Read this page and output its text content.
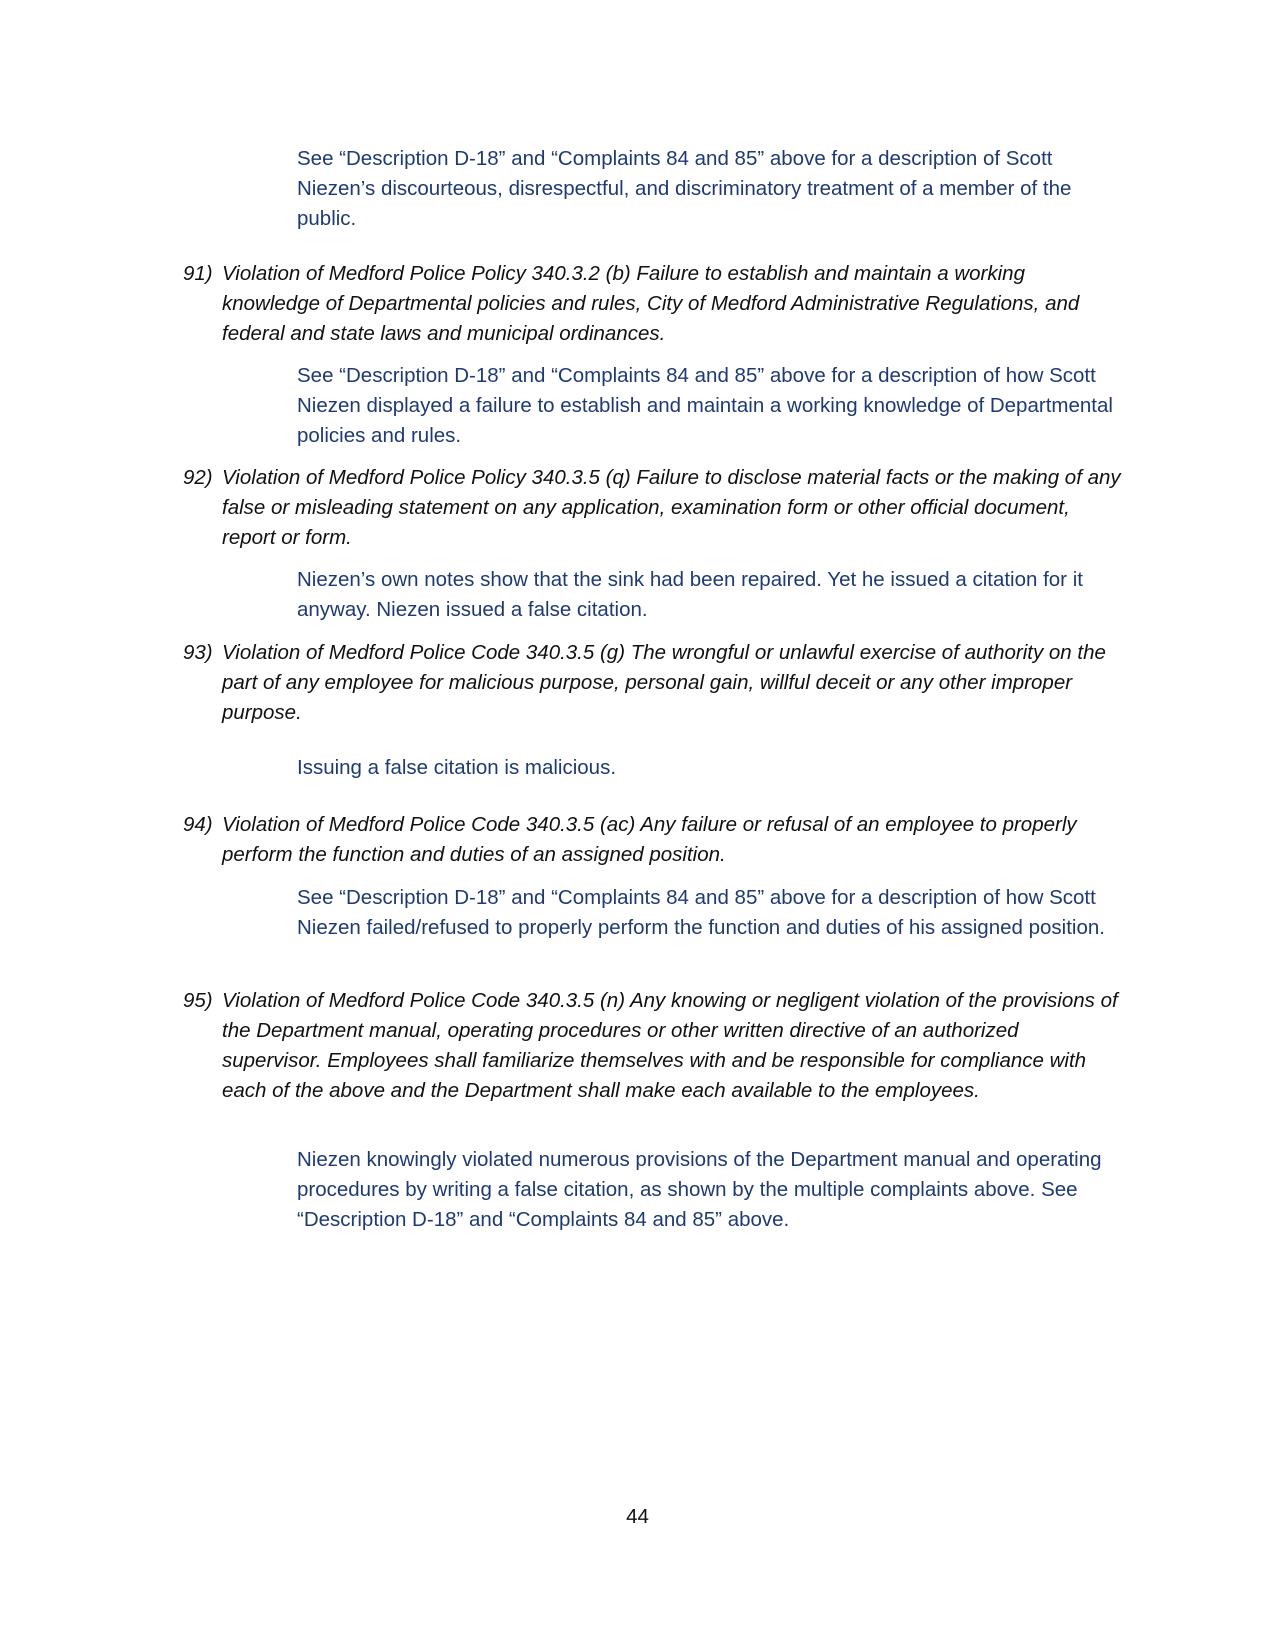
See “Description D-18” and “Complaints 84 and 85” above for a description of Scott Niezen’s discourteous, disrespectful, and discriminatory treatment of a member of the public.

91) Violation of Medford Police Policy 340.3.2 (b) Failure to establish and maintain a working knowledge of Departmental policies and rules, City of Medford Administrative Regulations, and federal and state laws and municipal ordinances.

See “Description D-18” and “Complaints 84 and 85” above for a description of how Scott Niezen displayed a failure to establish and maintain a working knowledge of Departmental policies and rules.

92) Violation of Medford Police Policy 340.3.5 (q) Failure to disclose material facts or the making of any false or misleading statement on any application, examination form or other official document, report or form.

Niezen’s own notes show that the sink had been repaired. Yet he issued a citation for it anyway. Niezen issued a false citation.

93) Violation of Medford Police Code 340.3.5 (g) The wrongful or unlawful exercise of authority on the part of any employee for malicious purpose, personal gain, willful deceit or any other improper purpose.

Issuing a false citation is malicious.

94) Violation of Medford Police Code 340.3.5 (ac) Any failure or refusal of an employee to properly perform the function and duties of an assigned position.

See “Description D-18” and “Complaints 84 and 85” above for a description of how Scott Niezen failed/refused to properly perform the function and duties of his assigned position.

95) Violation of Medford Police Code 340.3.5 (n) Any knowing or negligent violation of the provisions of the Department manual, operating procedures or other written directive of an authorized supervisor. Employees shall familiarize themselves with and be responsible for compliance with each of the above and the Department shall make each available to the employees.

Niezen knowingly violated numerous provisions of the Department manual and operating procedures by writing a false citation, as shown by the multiple complaints above. See “Description D-18” and “Complaints 84 and 85” above.

44
